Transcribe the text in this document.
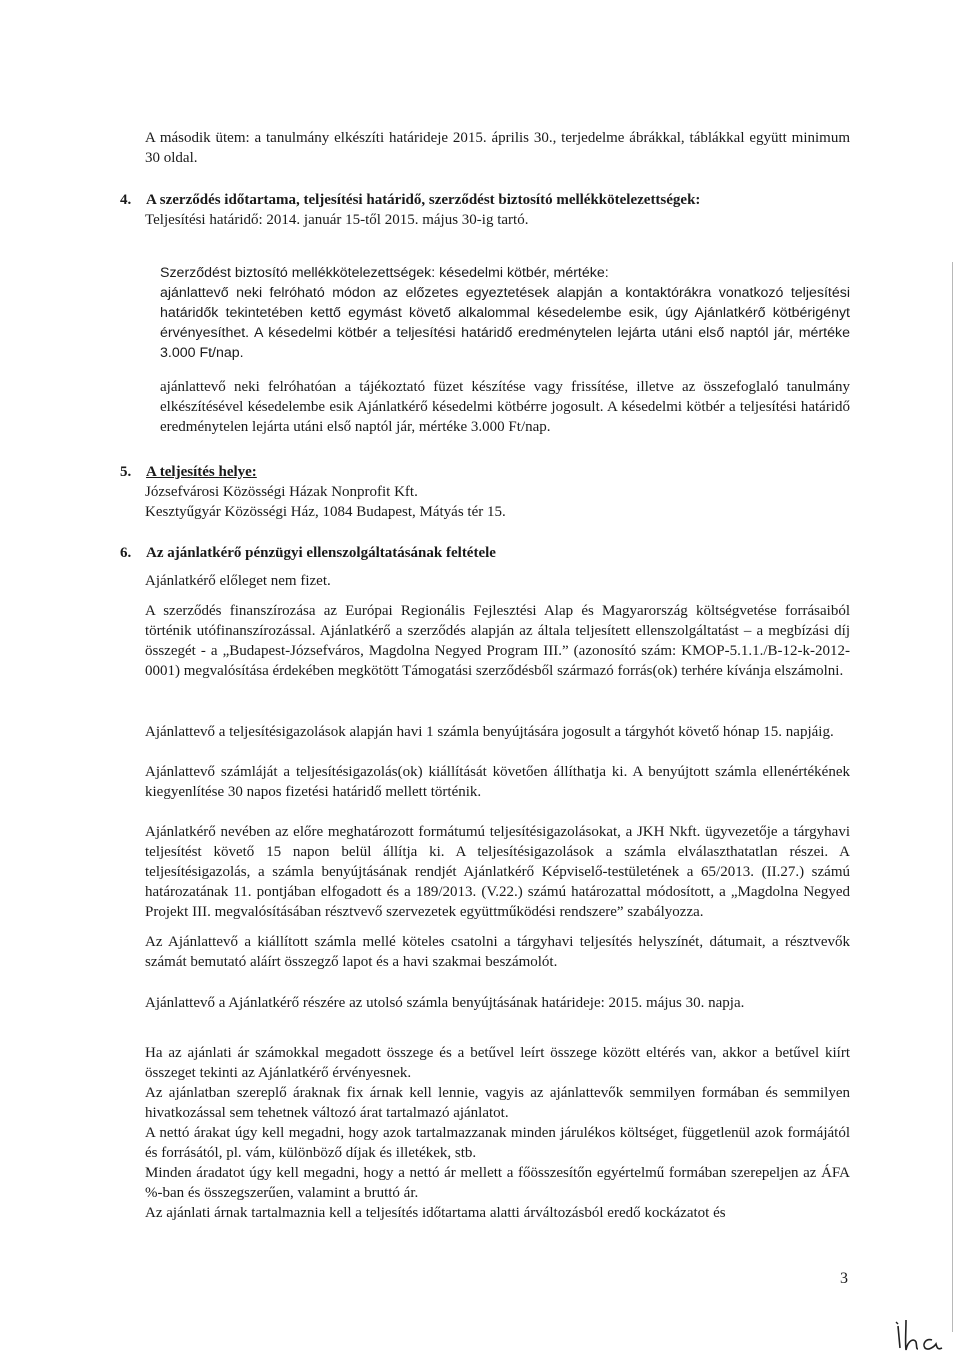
A második ütem: a tanulmány elkészíti határideje 2015. április 30., terjedelme ábrákkal, táblákkal együtt minimum 30 oldal.

4. A szerződés időtartama, teljesítési határidő, szerződést biztosító mellékkötelezettségek:

Teljesítési határidő: 2014. január 15-től 2015. május 30-ig tartó.

Szerződést biztosító mellékkötelezettségek: késedelmi kötbér, mértéke:

ajánlattevő neki felróható módon az előzetes egyeztetések alapján a kontaktórákra vonatkozó teljesítési határidők tekintetében kettő egymást követő alkalommal késedelembe esik, úgy Ajánlatkérő kötbérigényt érvényesíthet. A késedelmi kötbér a teljesítési határidő eredménytelen lejárta utáni első naptól jár, mértéke 3.000 Ft/nap.

ajánlattevő neki felróhatóan a tájékoztató füzet készítése vagy frissítése, illetve az összefoglaló tanulmány elkészítésével késedelembe esik Ajánlatkérő késedelmi kötbérre jogosult. A késedelmi kötbér a teljesítési határidő eredménytelen lejárta utáni első naptól jár, mértéke 3.000 Ft/nap.

5. A teljesítés helye:

Józsefvárosi Közösségi Házak Nonprofit Kft.

Kesztyűgyár Közösségi Ház, 1084 Budapest, Mátyás tér 15.

6. Az ajánlatkérő pénzügyi ellenszolgáltatásának feltétele

Ajánlatkérő előleget nem fizet.

A szerződés finanszírozása az Európai Regionális Fejlesztési Alap és Magyarország költségvetése forrásaiból történik utófinanszírozással. Ajánlatkérő a szerződés alapján az általa teljesített ellenszolgáltatást – a megbízási díj összegét - a „Budapest-Józsefváros, Magdolna Negyed Program III.” (azonosító szám: KMOP-5.1.1./B-12-k-2012-0001) megvalósítása érdekében megkötött Támogatási szerződésből származó forrás(ok) terhére kívánja elszámolni.

Ajánlattevő a teljesítésigazolások alapján havi 1 számla benyújtására jogosult a tárgyhót követő hónap 15. napjáig.

Ajánlattevő számláját a teljesítésigazolás(ok) kiállítását követően állíthatja ki. A benyújtott számla ellenértékének kiegyenlítése 30 napos fizetési határidő mellett történik.

Ajánlatkérő nevében az előre meghatározott formátumú teljesítésigazolásokat, a JKH Nkft. ügyvezetője a tárgyhavi teljesítést követő 15 napon belül állítja ki. A teljesítésigazolások a számla elválaszthatatlan részei. A teljesítésigazolás, a számla benyújtásának rendjét Ajánlatkérő Képviselő-testületének a 65/2013. (II.27.) számú határozatának 11. pontjában elfogadott és a 189/2013. (V.22.) számú határozattal módosított, a „Magdolna Negyed Projekt III. megvalósításában résztvevő szervezetek együttműködési rendszere” szabályozza.

Az Ajánlattevő a kiállított számla mellé köteles csatolni a tárgyhavi teljesítés helyszínét, dátumait, a résztvevők számát bemutató aláírt összegző lapot és a havi szakmai beszámolót.

Ajánlattevő a Ajánlatkérő részére az utolsó számla benyújtásának határideje: 2015. május 30. napja.

Ha az ajánlati ár számokkal megadott összege és a betűvel leírt összege között eltérés van, akkor a betűvel kiírt összeget tekinti az Ajánlatkérő érvényesnek.

Az ajánlatban szereplő áraknak fix árnak kell lennie, vagyis az ajánlattevők semmilyen formában és semmilyen hivatkozással sem tehetnek változó árat tartalmazó ajánlatot.

A nettó árakat úgy kell megadni, hogy azok tartalmazzanak minden járulékos költséget, függetlenül azok formájától és forrásától, pl. vám, különböző díjak és illetékek, stb.

Minden áradatot úgy kell megadni, hogy a nettó ár mellett a főösszesítőn egyértelmű formában szerepeljen az ÁFA %-ban és összegszerűen, valamint a bruttó ár.

Az ajánlati árnak tartalmaznia kell a teljesítés időtartama alatti árváltozásból eredő kockázatot és

3
